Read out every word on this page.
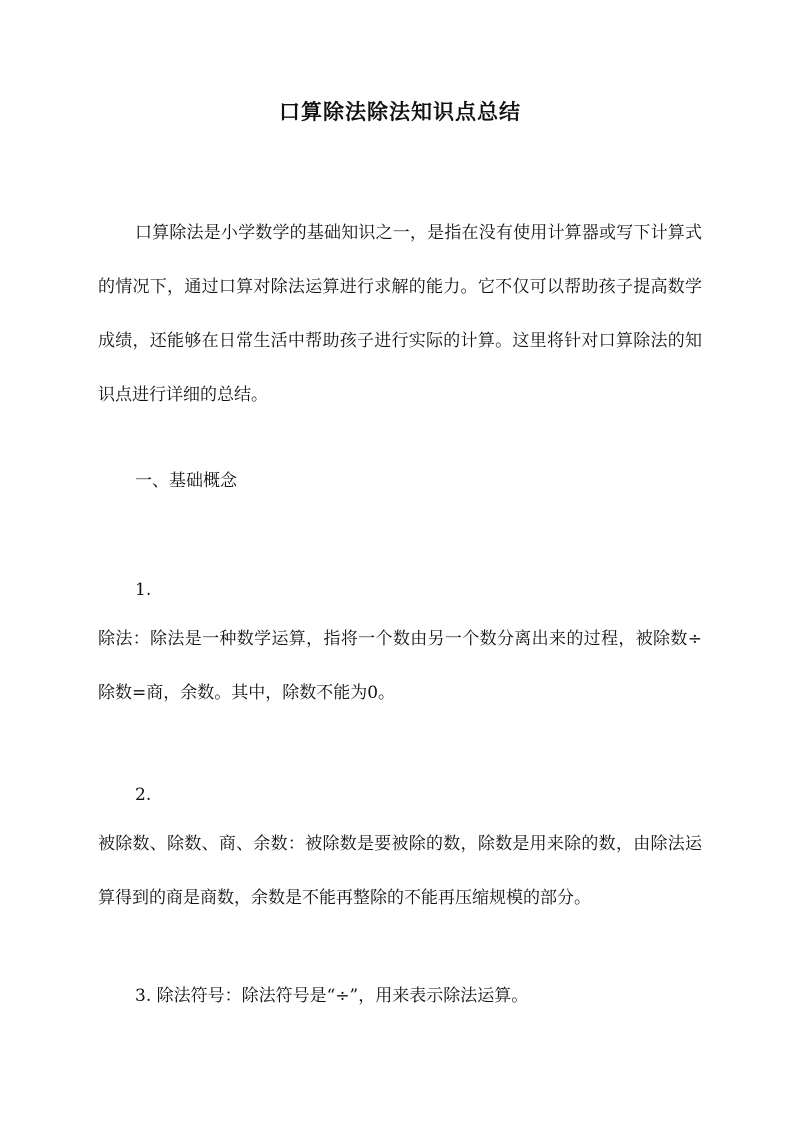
口算除法除法知识点总结
口算除法是小学数学的基础知识之一，是指在没有使用计算器或写下计算式的情况下，通过口算对除法运算进行求解的能力。它不仅可以帮助孩子提高数学成绩，还能够在日常生活中帮助孩子进行实际的计算。这里将针对口算除法的知识点进行详细的总结。
一、基础概念
1.
除法：除法是一种数学运算，指将一个数由另一个数分离出来的过程，被除数÷除数=商，余数。其中，除数不能为0。
2.
被除数、除数、商、余数：被除数是要被除的数，除数是用来除的数，由除法运算得到的商是商数，余数是不能再整除的不能再压缩规模的部分。
3. 除法符号：除法符号是“÷”，用来表示除法运算。
